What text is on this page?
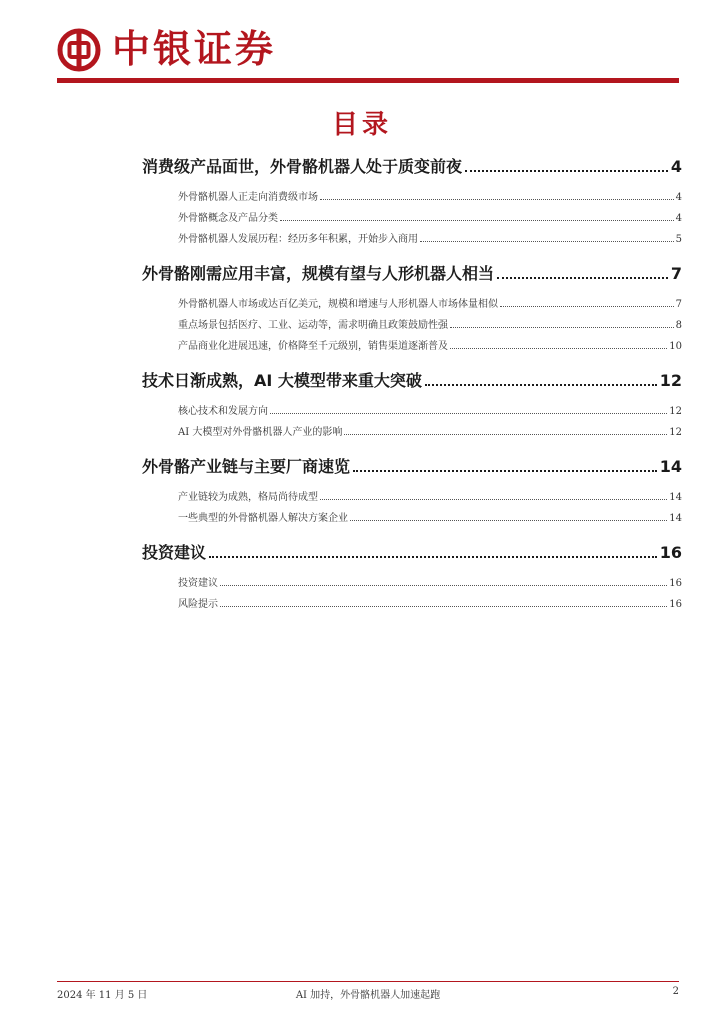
中银证券
目录
消费级产品面世，外骨骼机器人处于质变前夜	4
外骨骼机器人正走向消费级市场	4
外骨骼概念及产品分类	4
外骨骼机器人发展历程：经历多年积累，开始步入商用	5
外骨骼刚需应用丰富，规模有望与人形机器人相当	7
外骨骼机器人市场或达百亿美元，规模和增速与人形机器人市场体量相似	7
重点场景包括医疗、工业、运动等，需求明确且政策鼓励性强	8
产品商业化进展迅速，价格降至千元级别，销售渠道逐渐普及	10
技术日渐成熟，AI 大模型带来重大突破	12
核心技术和发展方向	12
AI 大模型对外骨骼机器人产业的影响	12
外骨骼产业链与主要厂商速览	14
产业链较为成熟，格局尚待成型	14
一些典型的外骨骼机器人解决方案企业	14
投资建议	16
投资建议	16
风险提示	16
2024 年 11 月 5 日	AI 加持，外骨骼机器人加速起跑	2
